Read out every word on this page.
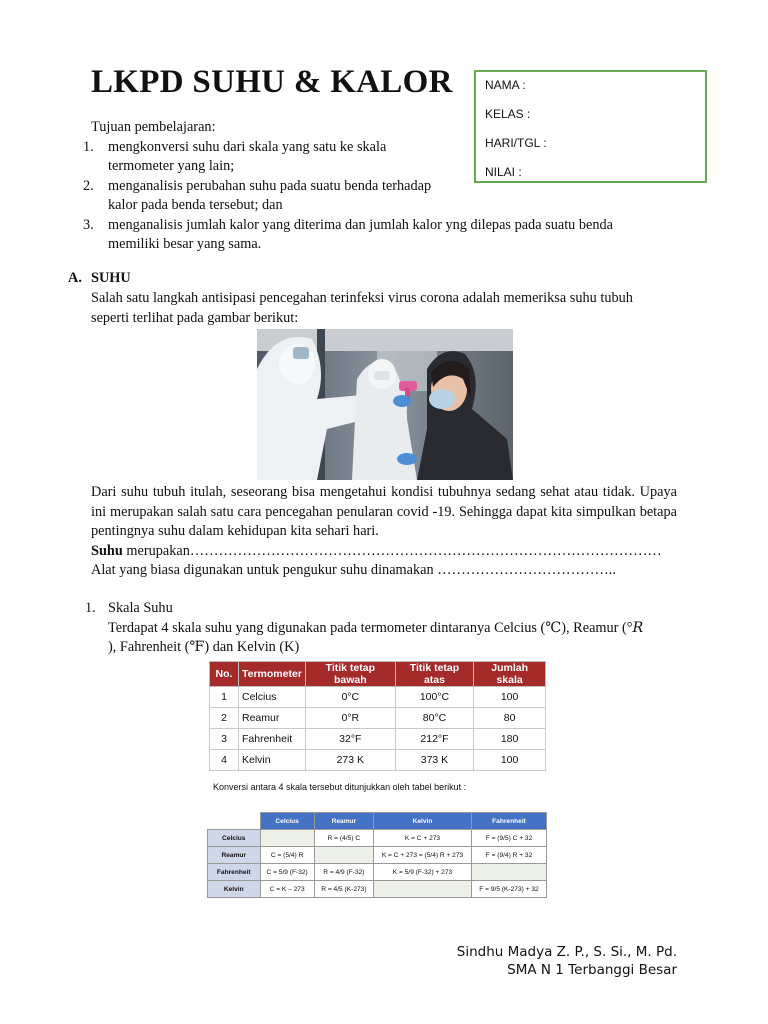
LKPD SUHU & KALOR	NAMA :
KELAS :
HARI/TGL :
NILAI :
Tujuan pembelajaran:
1. mengkonversi suhu dari skala yang satu ke skala
termometer yang lain;
2. menganalisis perubahan suhu pada suatu benda terhadap
kalor pada benda tersebut; dan
3. menganalisis jumlah kalor yang diterima dan jumlah kalor yng dilepas pada suatu benda
memiliki besar yang sama.
A. SUHU
Salah satu langkah antisipasi pencegahan terinfeksi virus corona adalah memeriksa suhu tubuh
seperti terlihat pada gambar berikut:
Dari suhu tubuh itulah, seseorang bisa mengetahui kondisi tubuhnya sedang sehat atau tidak. Upaya ini merupakan salah satu cara pencegahan penularan covid -19. Sehingga dapat kita simpulkan betapa pentingnya suhu dalam kehidupan kita sehari hari.
Suhu merupakan………………………………………………………………………………………
Alat yang biasa digunakan untuk pengukur suhu dinamakan ………………………………..
1. Skala Suhu
Terdapat 4 skala suhu yang digunakan pada termometer dintaranya Celcius (℃), Reamur (°𝑅
), Fahrenheit (℉) dan Kelvin (K)
No.	Termometer	Titik tetap bawah	Titik tetap atas	Jumlah skala
1	Celcius	0°C	100°C	100
2	Reamur	0°R	80°C	80
3	Fahrenheit	32°F	212°F	180
4	Kelvin	273 K	373 K	100
Konversi antara 4 skala tersebut ditunjukkan oleh tabel berikut :
	Celcius	Reamur	Kelvin	Fahrenheit
Celcius		R = (4/5) C	K = C + 273	F = (9/5) C + 32
Reamur	C = (5/4) R		K = C + 273 = (5/4) R + 273	F = (9/4) R + 32
Fahrenheit	C = 5/9 (F-32)	R = 4/9 (F-32)	K = 5/9 (F-32) + 273	
Kelvin	C = K – 273	R = 4/5 (K-273)		F = 9/5 (K-273) + 32
Sindhu Madya Z. P., S. Si., M. Pd.
SMA N 1 Terbanggi Besar
